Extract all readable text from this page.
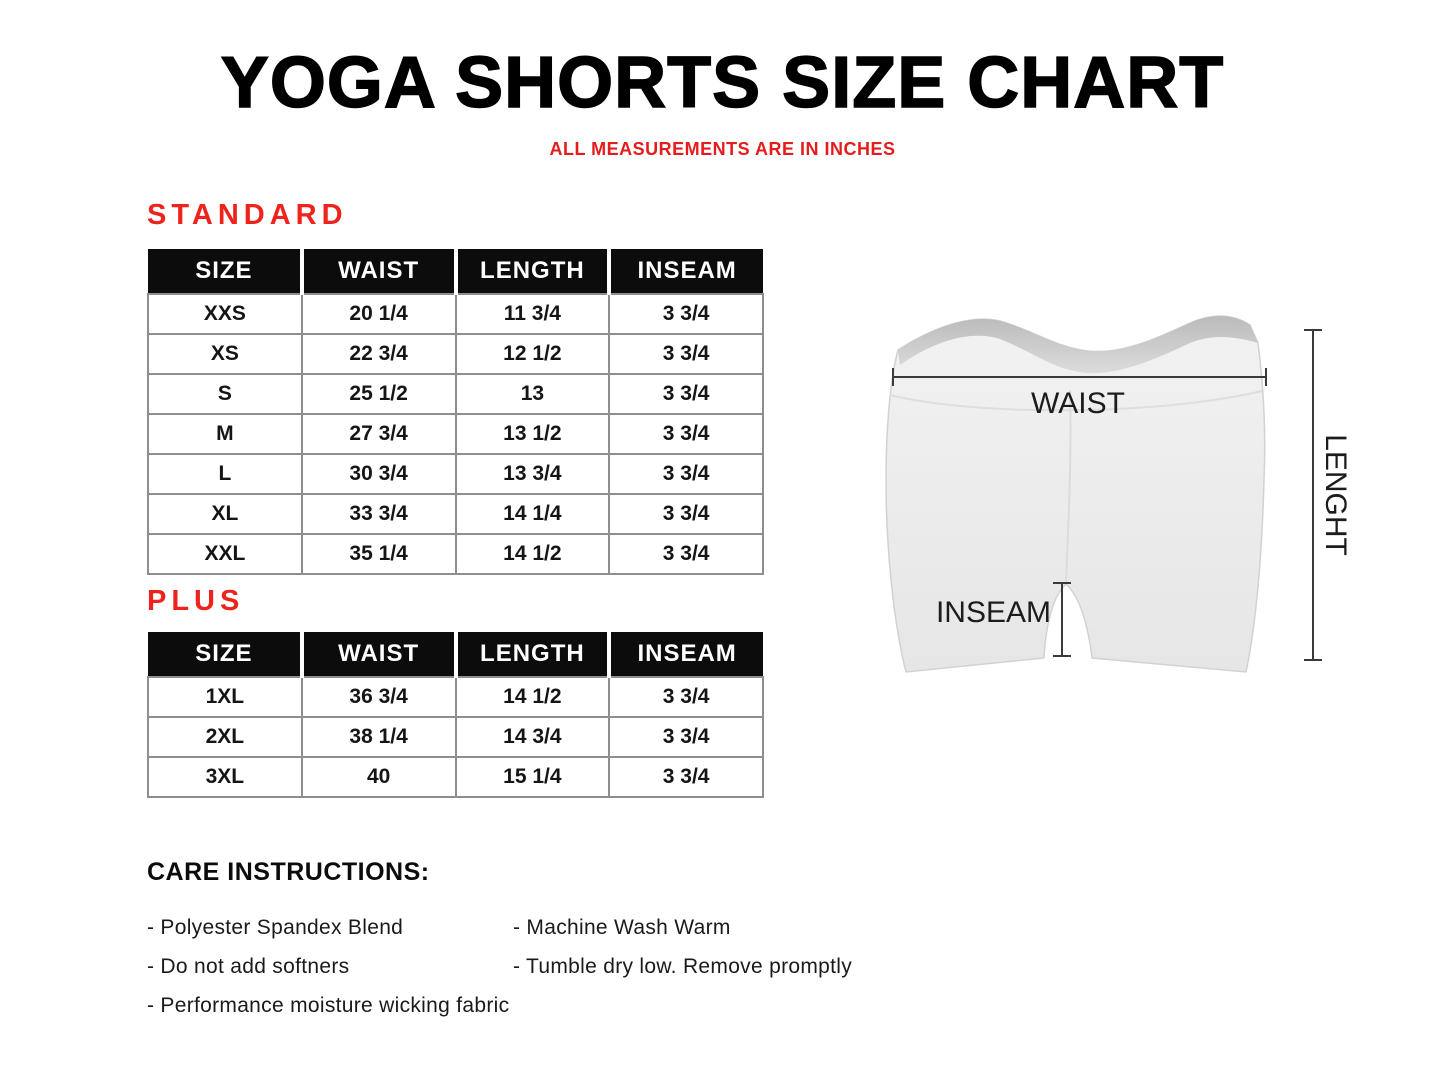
YOGA SHORTS SIZE CHART
ALL MEASUREMENTS ARE IN INCHES
STANDARD
SIZE	WAIST	LENGTH	INSEAM
XXS	20 1/4	11 3/4	3 3/4
XS	22 3/4	12 1/2	3 3/4
S	25 1/2	13	3 3/4
M	27 3/4	13 1/2	3 3/4
L	30 3/4	13 3/4	3 3/4
XL	33 3/4	14 1/4	3 3/4
XXL	35 1/4	14 1/2	3 3/4
PLUS
SIZE	WAIST	LENGTH	INSEAM
1XL	36 3/4	14 1/2	3 3/4
2XL	38 1/4	14 3/4	3 3/4
3XL	40	15 1/4	3 3/4
CARE INSTRUCTIONS:
- Polyester Spandex Blend
- Do not add softners
- Performance moisture wicking fabric
- Machine Wash Warm
- Tumble dry low. Remove promptly
WAIST
INSEAM
LENGHT
